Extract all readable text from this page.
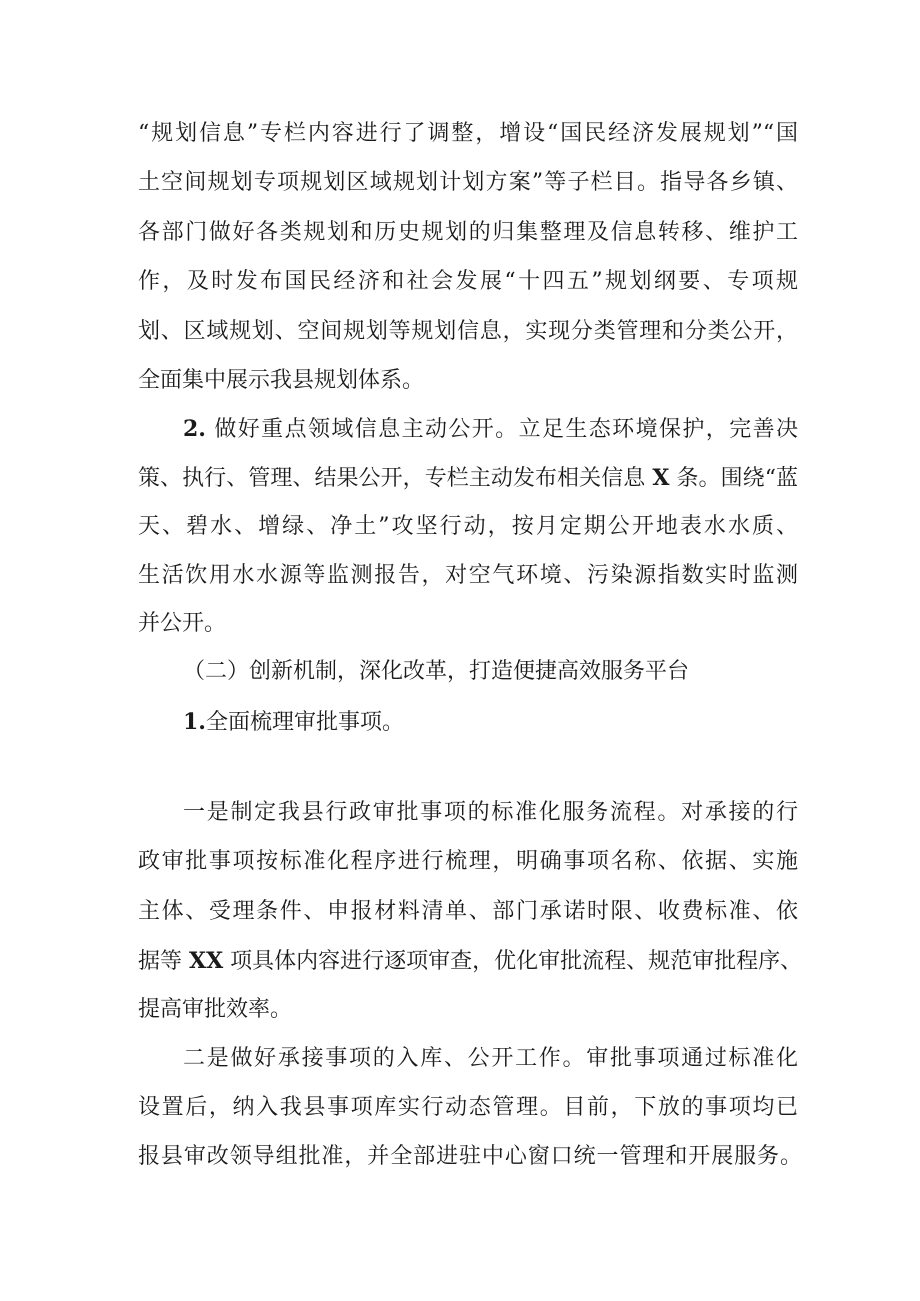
“规划信息”专栏内容进行了调整，增设“国民经济发展规划”“国
土空间规划专项规划区域规划计划方案”等子栏目。指导各乡镇、
各部门做好各类规划和历史规划的归集整理及信息转移、维护工
作，及时发布国民经济和社会发展“十四五”规划纲要、专项规
划、区域规划、空间规划等规划信息，实现分类管理和分类公开，
全面集中展示我县规划体系。
2. 做好重点领域信息主动公开。立足生态环境保护，完善决
策、执行、管理、结果公开，专栏主动发布相关信息 X 条。围绕“蓝
天、碧水、增绿、净土”攻坚行动，按月定期公开地表水水质、
生活饮用水水源等监测报告，对空气环境、污染源指数实时监测
并公开。
（二）创新机制，深化改革，打造便捷高效服务平台
1.全面梳理审批事项。
一是制定我县行政审批事项的标准化服务流程。对承接的行
政审批事项按标准化程序进行梳理，明确事项名称、依据、实施
主体、受理条件、申报材料清单、部门承诺时限、收费标准、依
据等 XX 项具体内容进行逐项审查，优化审批流程、规范审批程序、
提高审批效率。
二是做好承接事项的入库、公开工作。审批事项通过标准化
设置后，纳入我县事项库实行动态管理。目前，下放的事项均已
报县审改领导组批准，并全部进驻中心窗口统一管理和开展服务。
